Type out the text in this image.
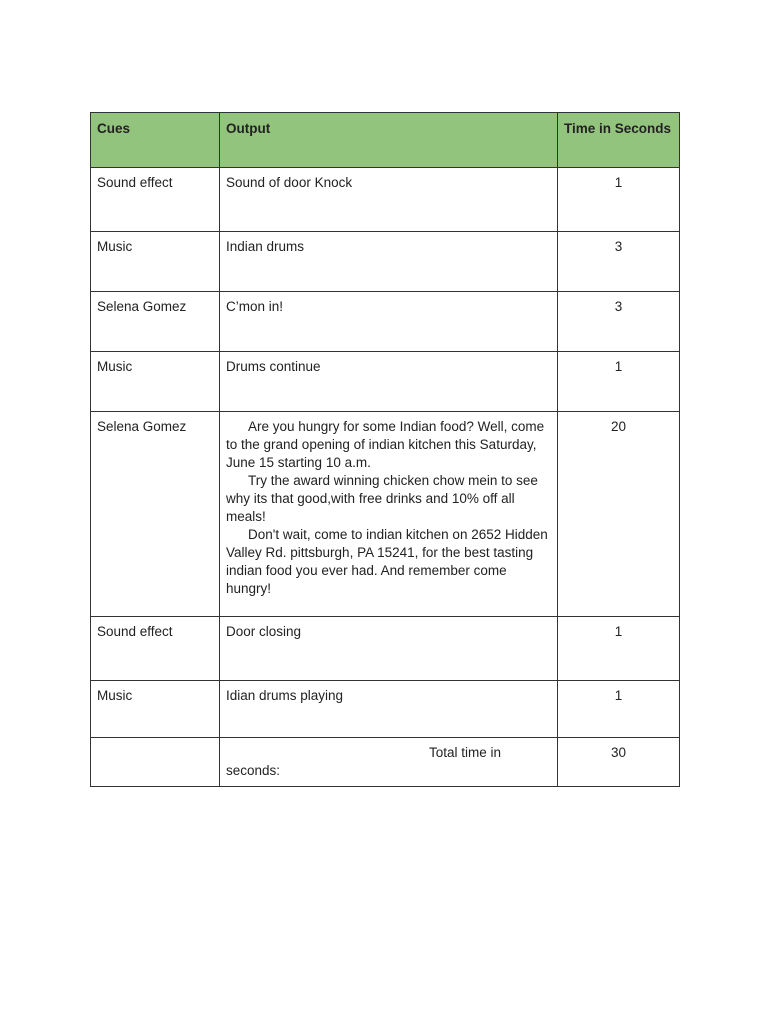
Cues	Output	Time in Seconds
Sound effect	Sound of door Knock	1
Music	Indian drums	3
Selena Gomez	C’mon in!	3
Music	Drums continue	1
Selena Gomez	Are you hungry for some Indian food? Well, come to the grand opening of indian kitchen this Saturday, June 15 starting 10 a.m.
Try the award winning chicken chow mein to see why its that good,with free drinks and 10% off all meals!
Don't wait, come to indian kitchen on 2652 Hidden Valley Rd. pittsburgh, PA 15241, for the best tasting indian food you ever had. And remember come hungry!	20
Sound effect	Door closing	1
Music	Idian drums playing	1

	Total time in seconds:	30
